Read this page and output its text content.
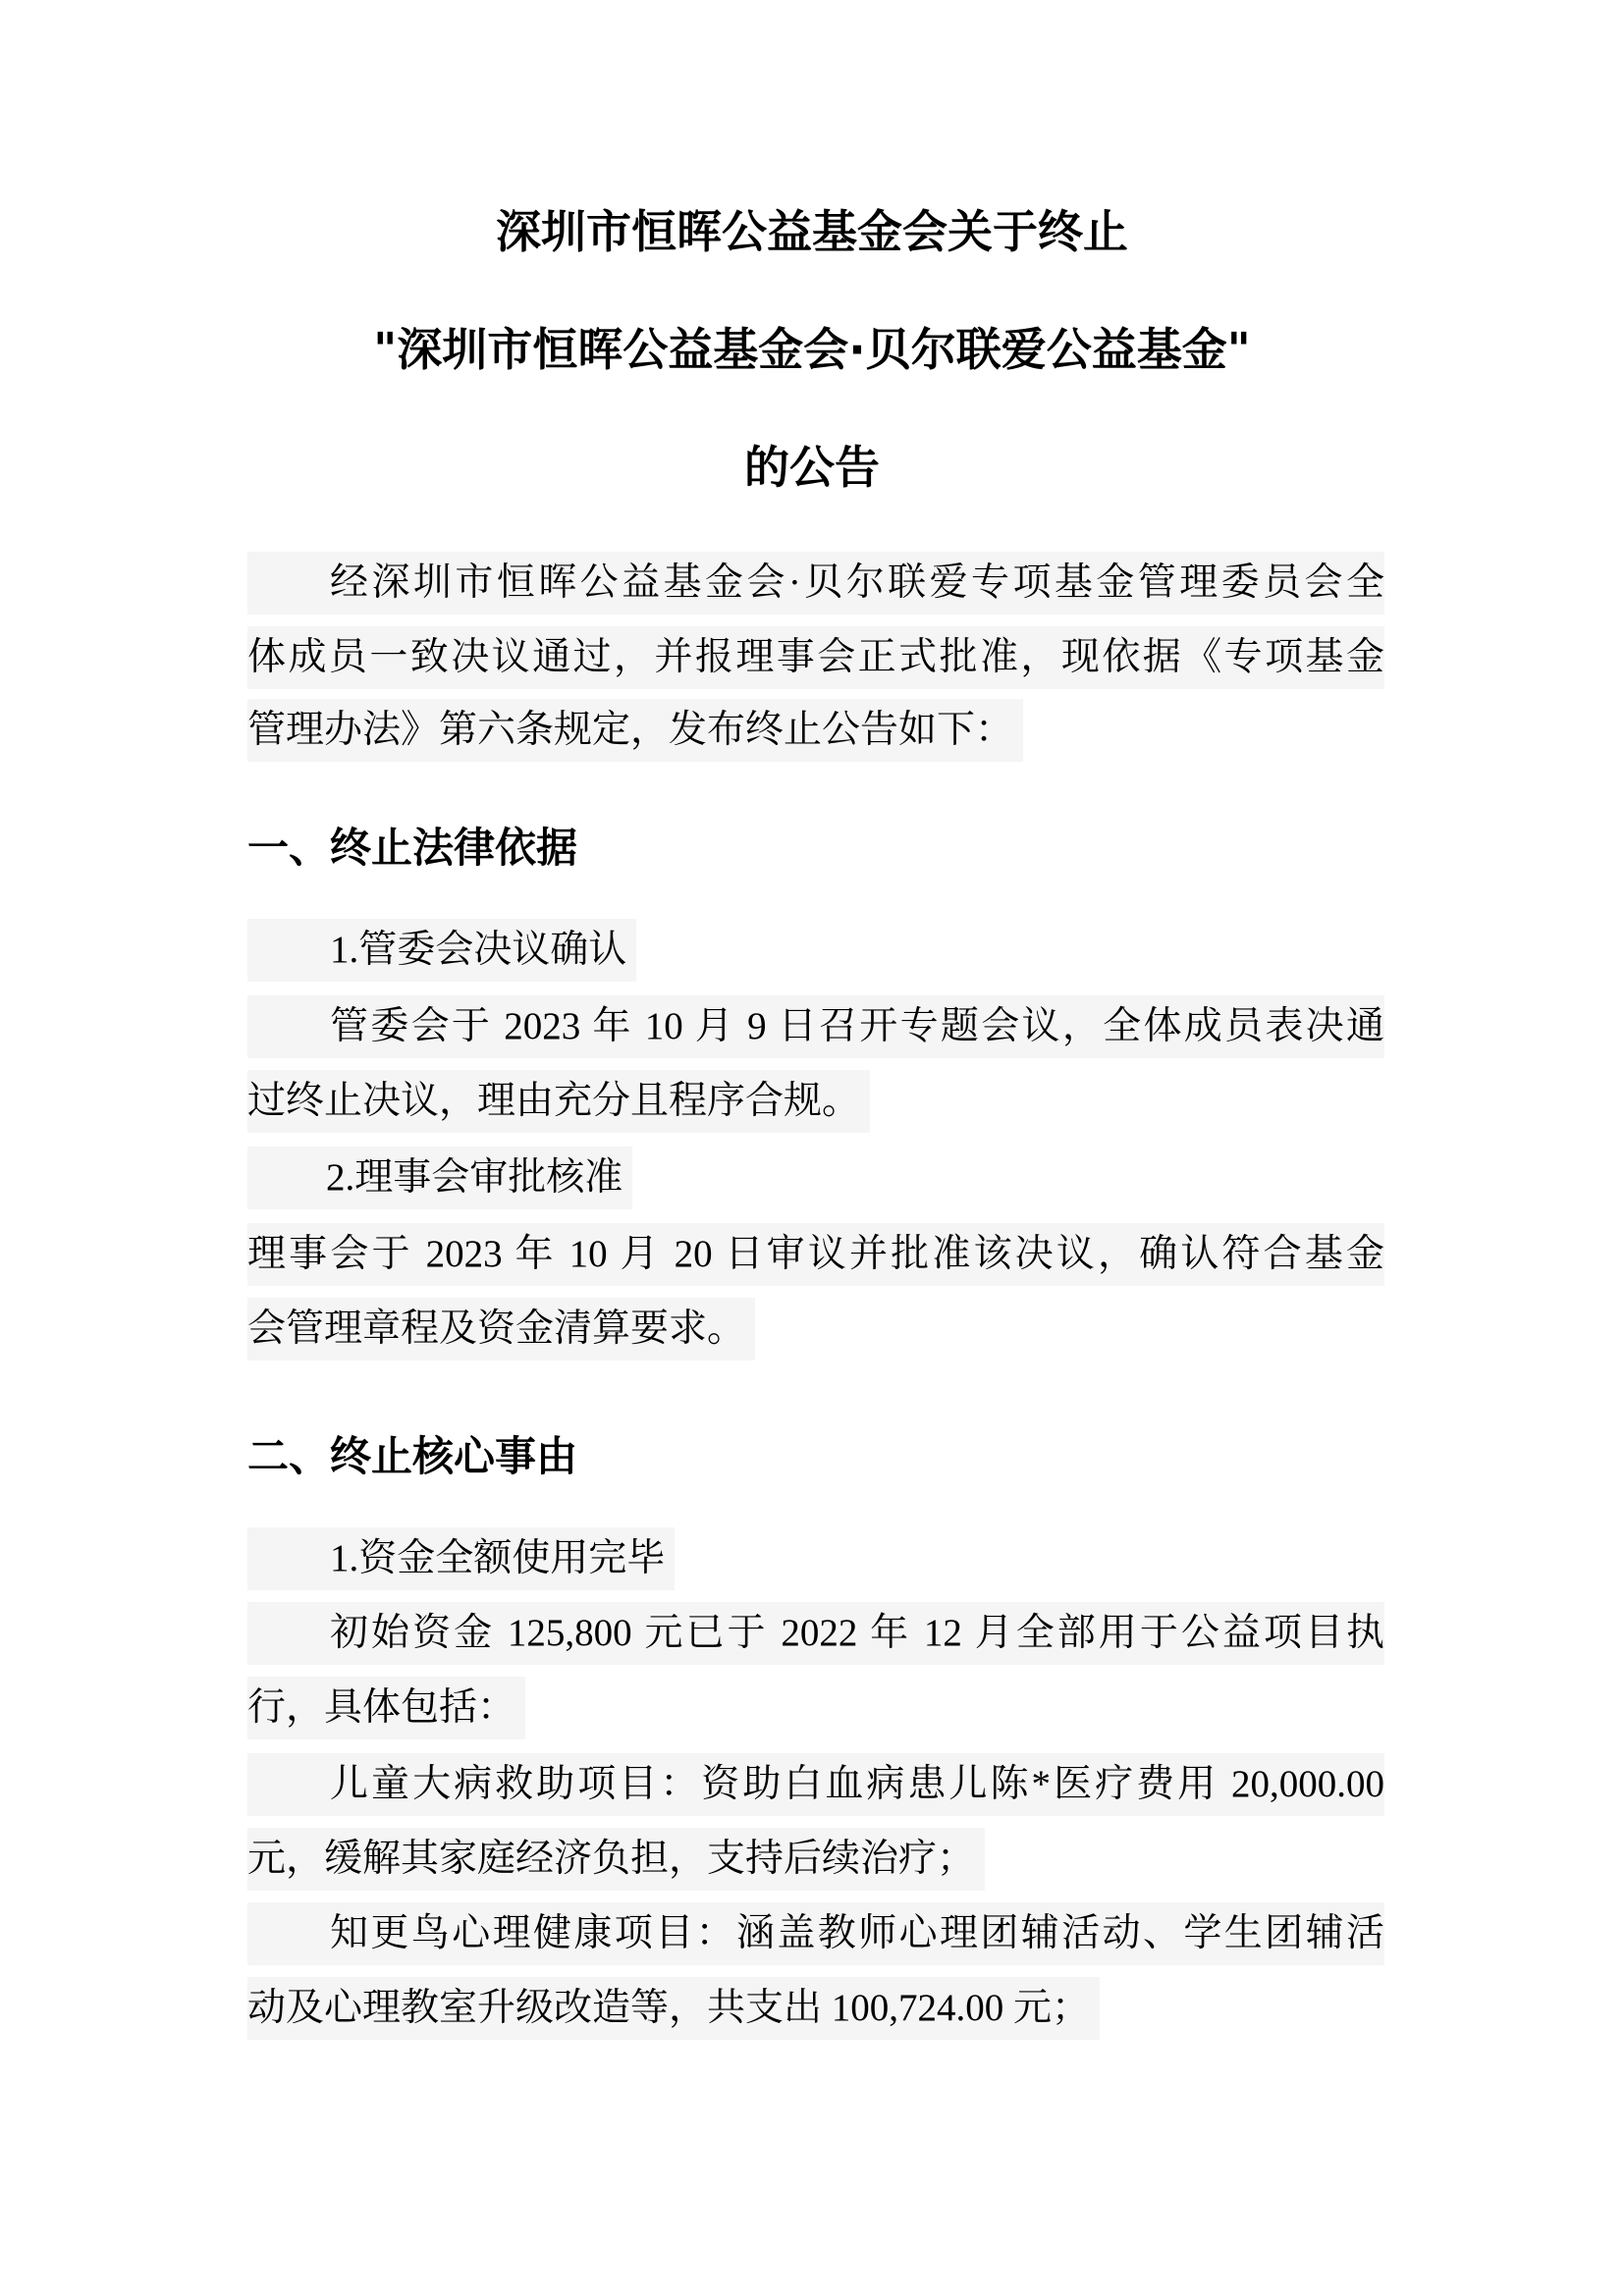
深圳市恒晖公益基金会关于终止
"深圳市恒晖公益基金会·贝尔联爱公益基金"
的公告
经深圳市恒晖公益基金会·贝尔联爱专项基金管理委员会全
体成员一致决议通过，并报理事会正式批准，现依据《专项基金
管理办法》第六条规定，发布终止公告如下：
一、终止法律依据
1.管委会决议确认
管委会于 2023 年 10 月 9 日召开专题会议，全体成员表决通
过终止决议，理由充分且程序合规。
2.理事会审批核准
理事会于 2023 年 10 月 20 日审议并批准该决议，确认符合基金
会管理章程及资金清算要求。
二、终止核心事由
1.资金全额使用完毕
初始资金 125,800 元已于 2022 年 12 月全部用于公益项目执
行，具体包括：
儿童大病救助项目：资助白血病患儿陈*医疗费用 20,000.00
元，缓解其家庭经济负担，支持后续治疗；
知更鸟心理健康项目：涵盖教师心理团辅活动、学生团辅活
动及心理教室升级改造等，共支出 100,724.00 元；
